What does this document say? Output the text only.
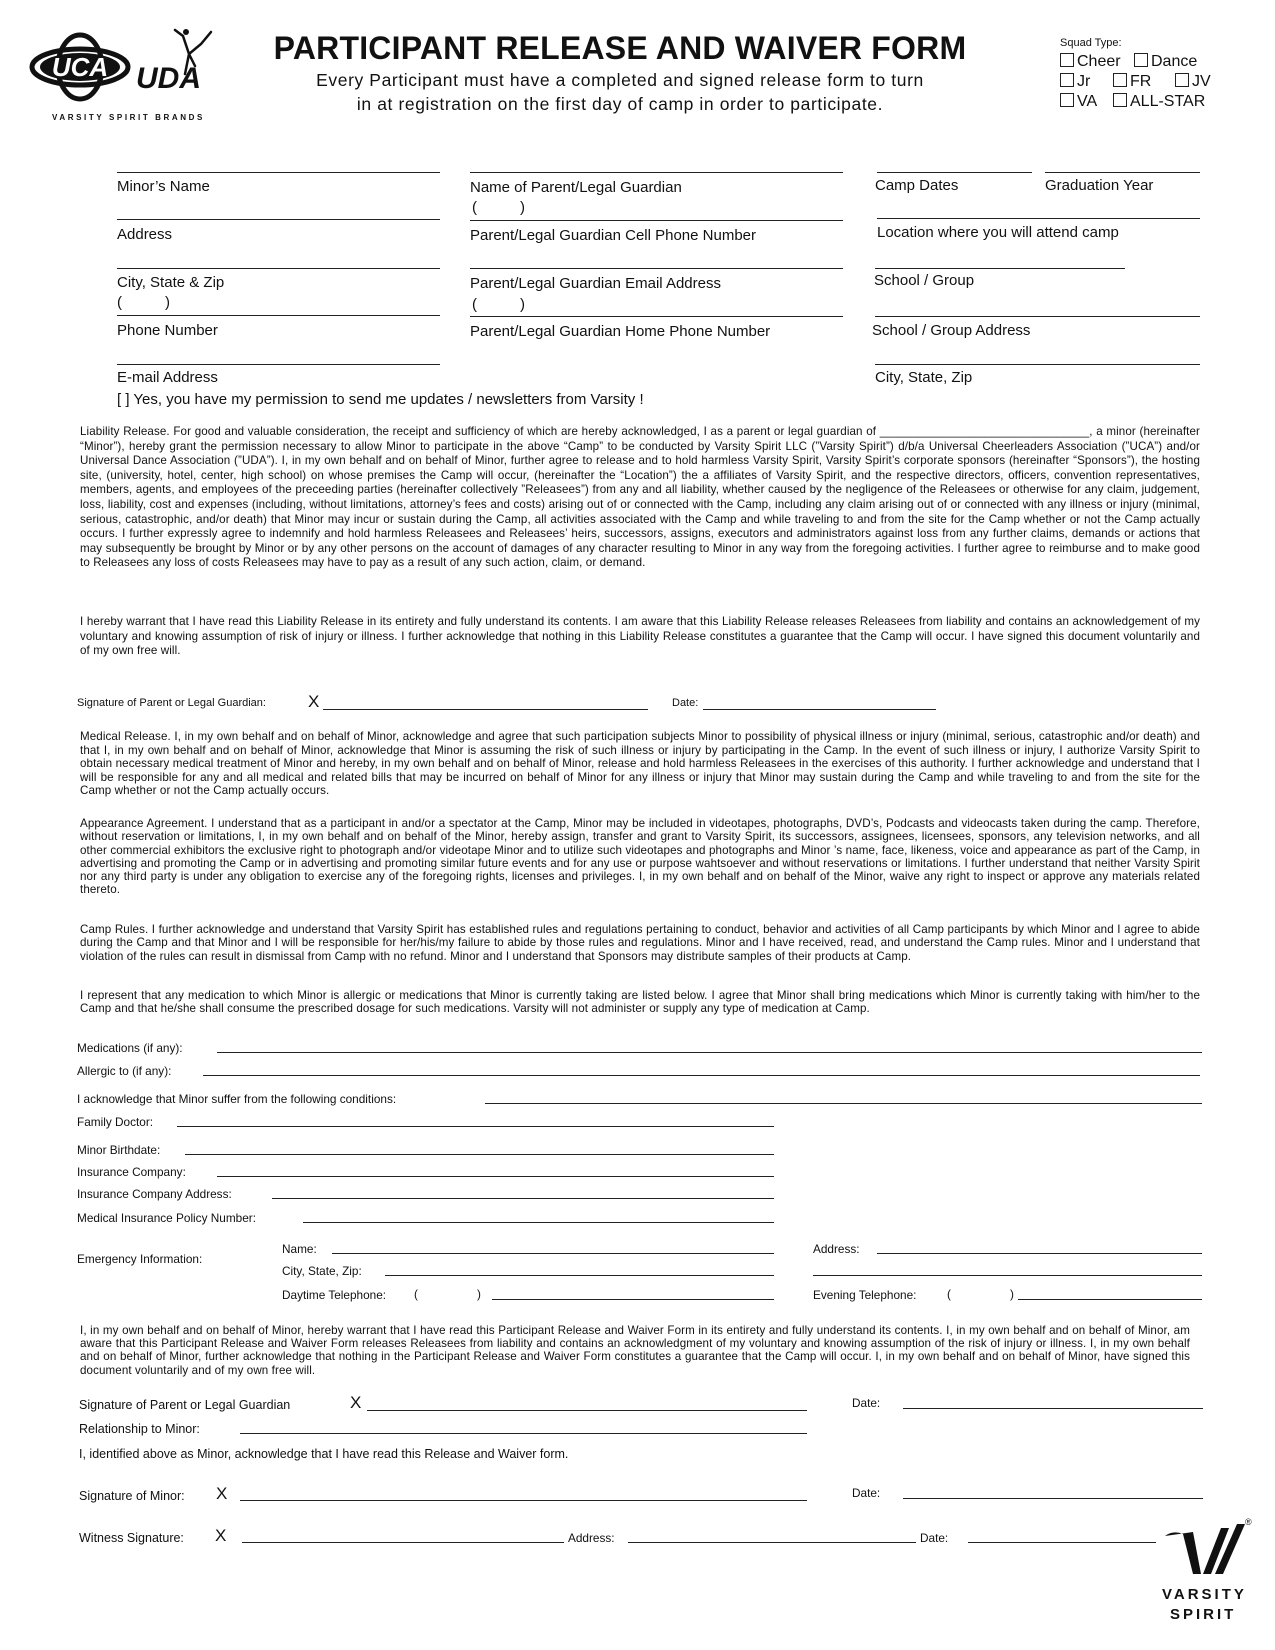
UCA UDA
VARSITY SPIRIT BRANDS
PARTICIPANT RELEASE AND WAIVER FORM
Every Participant must have a completed and signed release form to turn
in at registration on the first day of camp in order to participate.
Squad Type:
Cheer	Dance
Jr	FR	JV
VA	ALL-STAR
Minor’s Name
Address
City, State & Zip
(	)
Phone Number
E-mail Address
[ ] Yes, you have my permission to send me updates / newsletters from Varsity !
Name of Parent/Legal Guardian
(	)
Parent/Legal Guardian Cell Phone Number
Parent/Legal Guardian Email Address
(	)
Parent/Legal Guardian Home Phone Number
Camp Dates	Graduation Year
Location where you will attend camp
School / Group
School / Group Address
City, State, Zip
Liability Release. For good and valuable consideration, the receipt and sufficiency of which are hereby acknowledged, I as a parent or legal guardian of ________________________________, a minor (hereinafter “Minor”), hereby grant the permission necessary to allow Minor to participate in the above “Camp” to be conducted by Varsity Spirit LLC (”Varsity Spirit”) d/b/a Universal Cheerleaders Association (”UCA”) and/or Universal Dance Association (”UDA”). I, in my own behalf and on behalf of Minor, further agree to release and to hold harmless Varsity Spirit, Varsity Spirit’s corporate sponsors (hereinafter “Sponsors”), the hosting site, (university, hotel, center, high school) on whose premises the Camp will occur, (hereinafter the “Location”) the a affiliates of Varsity Spirit, and the respective directors, officers, convention representatives, members, agents, and employees of the preceeding parties (hereinafter collectively ”Releasees”) from any and all liability, whether caused by the negligence of the Releasees or otherwise for any claim, judgement, loss, liability, cost and expenses (including, without limitations, attorney’s fees and costs) arising out of or connected with the Camp, including any claim arising out of or connected with any illness or injury (minimal, serious, catastrophic, and/or death) that Minor may incur or sustain during the Camp, all activities associated with the Camp and while traveling to and from the site for the Camp whether or not the Camp actually occurs. I further expressly agree to indemnify and hold harmless Releasees and Releasees’ heirs, successors, assigns, executors and administrators against loss from any further claims, demands or actions that may subsequently be brought by Minor or by any other persons on the account of damages of any character resulting to Minor in any way from the foregoing activities. I further agree to reimburse and to make good to Releasees any loss of costs Releasees may have to pay as a result of any such action, claim, or demand.
I hereby warrant that I have read this Liability Release in its entirety and fully understand its contents. I am aware that this Liability Release releases Releasees from liability and contains an acknowledgement of my voluntary and knowing assumption of risk of injury or illness. I further acknowledge that nothing in this Liability Release constitutes a guarantee that the Camp will occur. I have signed this document voluntarily and of my own free will.
Signature of Parent or Legal Guardian: X	Date:
Medical Release. I, in my own behalf and on behalf of Minor, acknowledge and agree that such participation subjects Minor to possibility of physical illness or injury (minimal, serious, catastrophic and/or death) and that I, in my own behalf and on behalf of Minor, acknowledge that Minor is assuming the risk of such illness or injury by participating in the Camp. In the event of such illness or injury, I authorize Varsity Spirit to obtain necessary medical treatment of Minor and hereby, in my own behalf and on behalf of Minor, release and hold harmless Releasees in the exercises of this authority. I further acknowledge and understand that I will be responsible for any and all medical and related bills that may be incurred on behalf of Minor for any illness or injury that Minor may sustain during the Camp and while traveling to and from the site for the Camp whether or not the Camp actually occurs.
Appearance Agreement. I understand that as a participant in and/or a spectator at the Camp, Minor may be included in videotapes, photographs, DVD’s, Podcasts and videocasts taken during the camp. Therefore, without reservation or limitations, I, in my own behalf and on behalf of the Minor, hereby assign, transfer and grant to Varsity Spirit, its successors, assignees, licensees, sponsors, any television networks, and all other commercial exhibitors the exclusive right to photograph and/or videotape Minor and to utilize such videotapes and photographs and Minor ’s name, face, likeness, voice and appearance as part of the Camp, in advertising and promoting the Camp or in advertising and promoting similar future events and for any use or purpose wahtsoever and without reservations or limitations. I further understand that neither Varsity Spirit nor any third party is under any obligation to exercise any of the foregoing rights, licenses and privileges. I, in my own behalf and on behalf of the Minor, waive any right to inspect or approve any materials related thereto.
Camp Rules. I further acknowledge and understand that Varsity Spirit has established rules and regulations pertaining to conduct, behavior and activities of all Camp participants by which Minor and I agree to abide during the Camp and that Minor and I will be responsible for her/his/my failure to abide by those rules and regulations. Minor and I have received, read, and understand the Camp rules. Minor and I understand that violation of the rules can result in dismissal from Camp with no refund. Minor and I understand that Sponsors may distribute samples of their products at Camp.
I represent that any medication to which Minor is allergic or medications that Minor is currently taking are listed below. I agree that Minor shall bring medications which Minor is currently taking with him/her to the Camp and that he/she shall consume the prescribed dosage for such medications. Varsity will not administer or supply any type of medication at Camp.
Medications (if any):
Allergic to (if any):
I acknowledge that Minor suffer from the following conditions:
Family Doctor:
Minor Birthdate:
Insurance Company:
Insurance Company Address:
Medical Insurance Policy Number:
Emergency Information:
Name:
City, State, Zip:
Daytime Telephone: (	)
Address:
Evening Telephone:	(	)
I, in my own behalf and on behalf of Minor, hereby warrant that I have read this Participant Release and Waiver Form in its entirety and fully understand its contents. I, in my own behalf and on behalf of Minor, am aware that this Participant Release and Waiver Form releases Releasees from liability and contains an acknowledgment of my voluntary and knowing assumption of the risk of injury or illness. I, in my own behalf and on behalf of Minor, further acknowledge that nothing in the Participant Release and Waiver Form constitutes a guarantee that the Camp will occur. I, in my own behalf and on behalf of Minor, have signed this document voluntarily and of my own free will.
Signature of Parent or Legal Guardian	X	Date:
Relationship to Minor:
I, identified above as Minor, acknowledge that I have read this Release and Waiver form.
Signature of Minor: X	Date:
Witness Signature: X	Address:	Date:
®
VARSITY
SPIRIT
